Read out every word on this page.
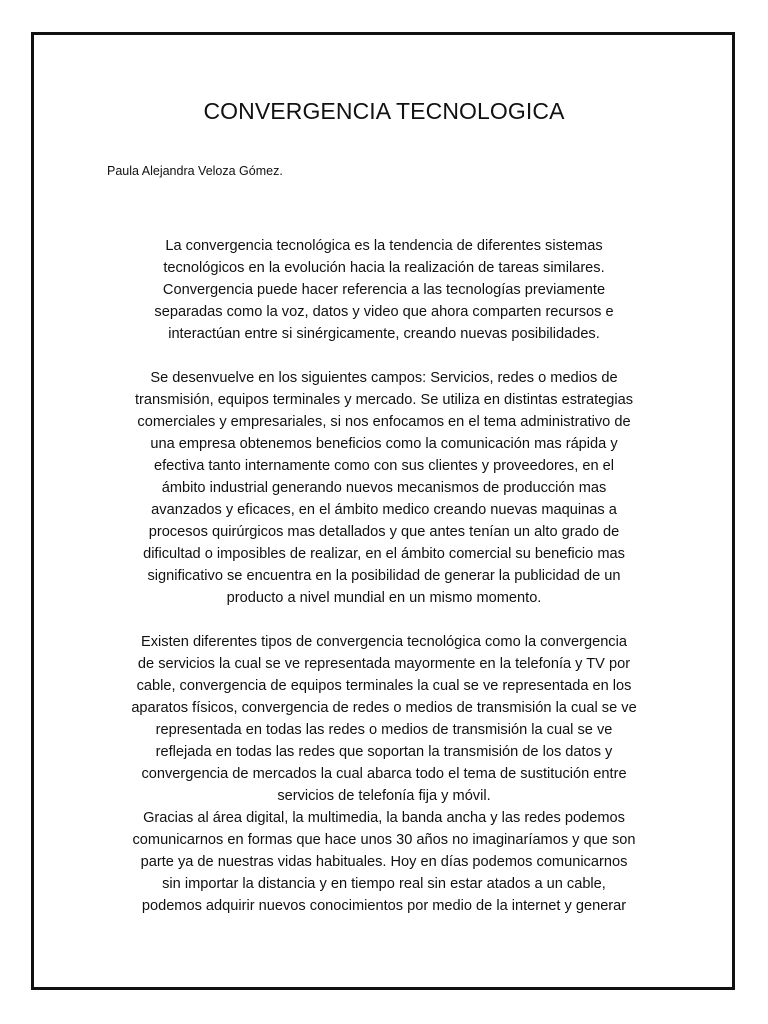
CONVERGENCIA TECNOLOGICA

Paula Alejandra Veloza Gómez.

La convergencia tecnológica es la tendencia de diferentes sistemas
tecnológicos en la evolución hacia la realización de tareas similares.
Convergencia puede hacer referencia a las tecnologías previamente
separadas como la voz, datos y video que ahora comparten recursos e
interactúan entre si sinérgicamente, creando nuevas posibilidades.

Se desenvuelve en los siguientes campos: Servicios, redes o medios de
transmisión, equipos terminales y mercado. Se utiliza en distintas estrategias
comerciales y empresariales, si nos enfocamos en el tema administrativo de
una empresa obtenemos beneficios como la comunicación mas rápida y
efectiva tanto internamente como con sus clientes y proveedores, en el
ámbito industrial generando nuevos mecanismos de producción mas
avanzados y eficaces, en el ámbito medico creando nuevas maquinas a
procesos quirúrgicos mas detallados y que antes tenían un alto grado de
dificultad o imposibles de realizar, en el ámbito comercial su beneficio mas
significativo se encuentra en la posibilidad de generar la publicidad de un
producto a nivel mundial en un mismo momento.

Existen diferentes tipos de convergencia tecnológica como la convergencia
de servicios la cual se ve representada mayormente en la telefonía y TV por
cable, convergencia de equipos terminales la cual se ve representada en los
aparatos físicos, convergencia de redes o medios de transmisión la cual se ve
representada en todas las redes o medios de transmisión la cual se ve
reflejada en todas las redes que soportan la transmisión de los datos y
convergencia de mercados la cual abarca todo el tema de sustitución entre
servicios de telefonía fija y móvil.

Gracias al área digital, la multimedia, la banda ancha y las redes podemos
comunicarnos en formas que hace unos 30 años no imaginaríamos y que son
parte ya de nuestras vidas habituales. Hoy en días podemos comunicarnos
sin importar la distancia y en tiempo real sin estar atados a un cable,
podemos adquirir nuevos conocimientos por medio de la internet y generar
